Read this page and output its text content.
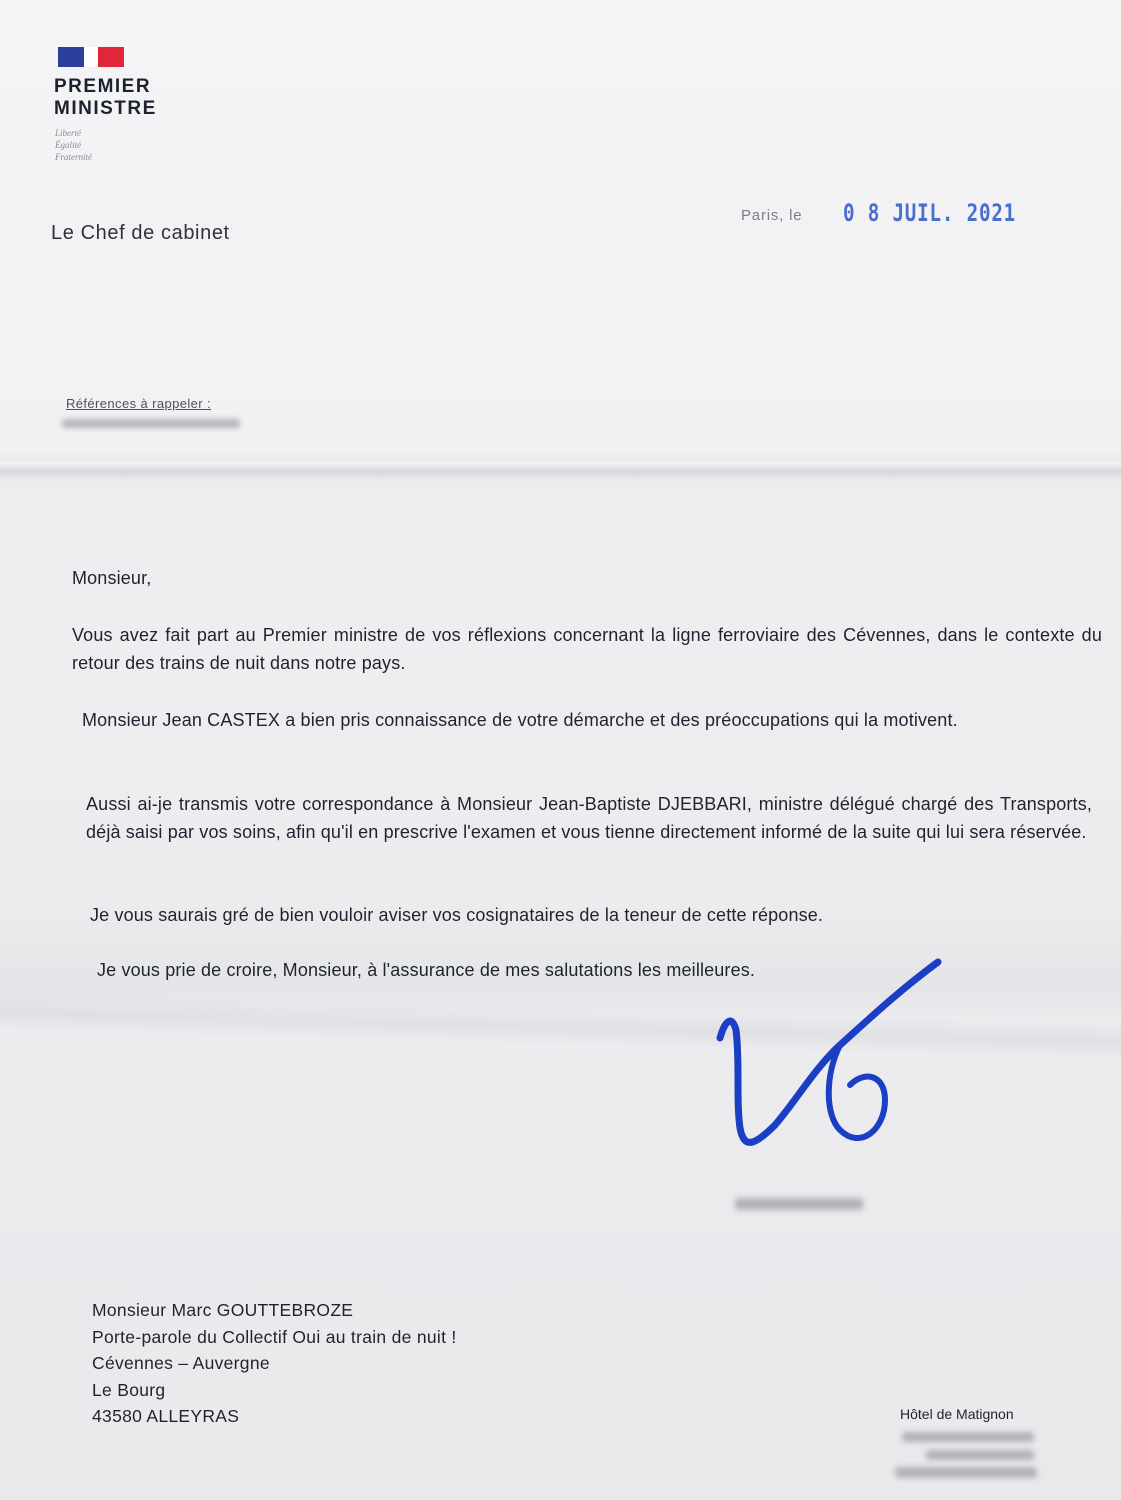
PREMIER
MINISTRE
Liberté
Égalité
Fraternité
Le Chef de cabinet
Paris, le 0 8 JUIL. 2021
Références à rappeler :
Monsieur,
Vous avez fait part au Premier ministre de vos réflexions concernant la ligne ferroviaire des Cévennes, dans le contexte du retour des trains de nuit dans notre pays.
Monsieur Jean CASTEX a bien pris connaissance de votre démarche et des préoccupations qui la motivent.
Aussi ai-je transmis votre correspondance à Monsieur Jean-Baptiste DJEBBARI, ministre délégué chargé des Transports, déjà saisi par vos soins, afin qu'il en prescrive l'examen et vous tienne directement informé de la suite qui lui sera réservée.
Je vous saurais gré de bien vouloir aviser vos cosignataires de la teneur de cette réponse.
Je vous prie de croire, Monsieur, à l'assurance de mes salutations les meilleures.
Monsieur Marc GOUTTEBROZE
Porte-parole du Collectif Oui au train de nuit !
Cévennes – Auvergne
Le Bourg
43580 ALLEYRAS	Hôtel de Matignon
